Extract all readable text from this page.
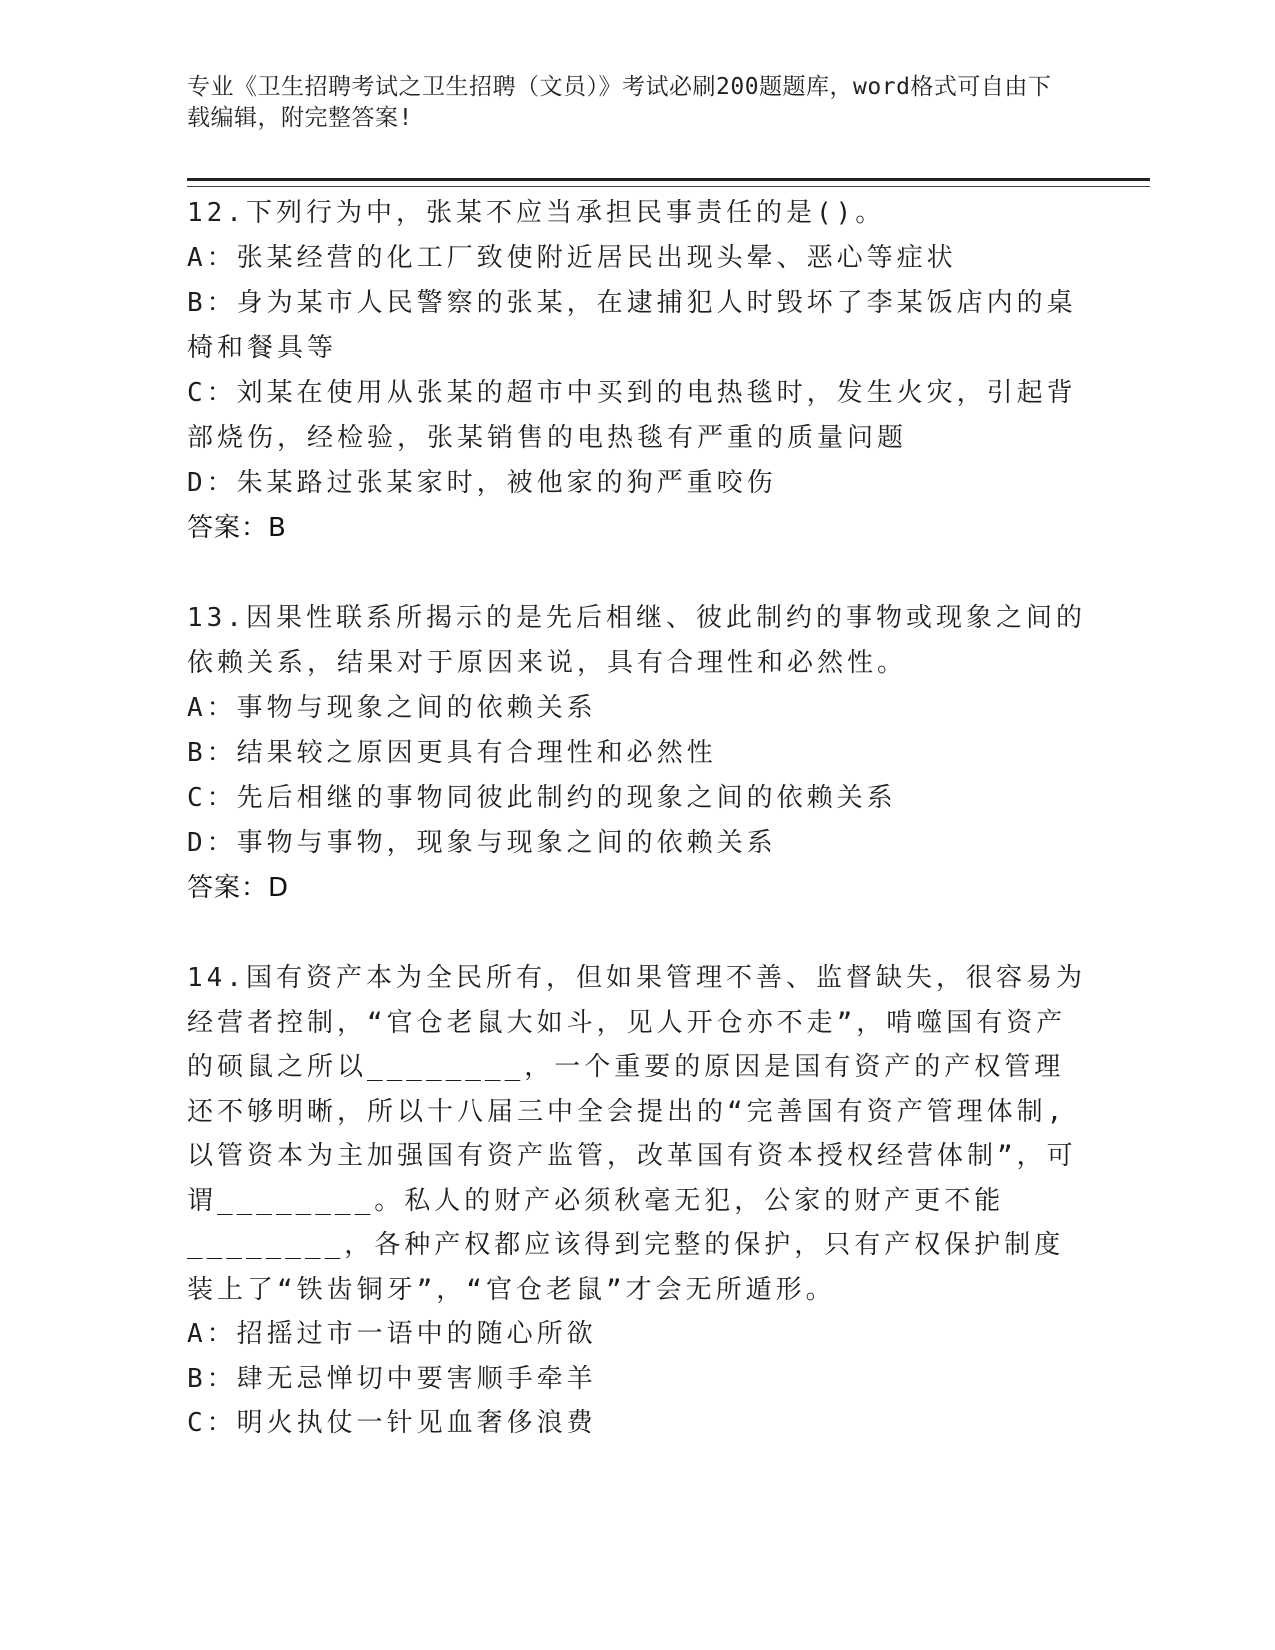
专业《卫生招聘考试之卫生招聘（文员）》考试必刷200题题库，word格式可自由下载编辑，附完整答案!
12.下列行为中，张某不应当承担民事责任的是()。
A：张某经营的化工厂致使附近居民出现头晕、恶心等症状
B：身为某市人民警察的张某，在逮捕犯人时毁坏了李某饭店内的桌椅和餐具等
C：刘某在使用从张某的超市中买到的电热毯时，发生火灾，引起背部烧伤，经检验，张某销售的电热毯有严重的质量问题
D：朱某路过张某家时，被他家的狗严重咬伤
答案：B
13.因果性联系所揭示的是先后相继、彼此制约的事物或现象之间的依赖关系，结果对于原因来说，具有合理性和必然性。
A：事物与现象之间的依赖关系
B：结果较之原因更具有合理性和必然性
C：先后相继的事物同彼此制约的现象之间的依赖关系
D：事物与事物，现象与现象之间的依赖关系
答案：D
14.国有资产本为全民所有，但如果管理不善、监督缺失，很容易为经营者控制，“官仓老鼠大如斗，见人开仓亦不走”，啃噬国有资产的硕鼠之所以________，一个重要的原因是国有资产的产权管理还不够明晰，所以十八届三中全会提出的“完善国有资产管理体制,以管资本为主加强国有资产监管，改革国有资本授权经营体制”，可谓________。私人的财产必须秋毫无犯，公家的财产更不能________，各种产权都应该得到完整的保护，只有产权保护制度装上了“铁齿铜牙”，“官仓老鼠”才会无所遁形。
A：招摇过市一语中的随心所欲
B：肆无忌惮切中要害顺手牵羊
C：明火执仗一针见血奢侈浪费
